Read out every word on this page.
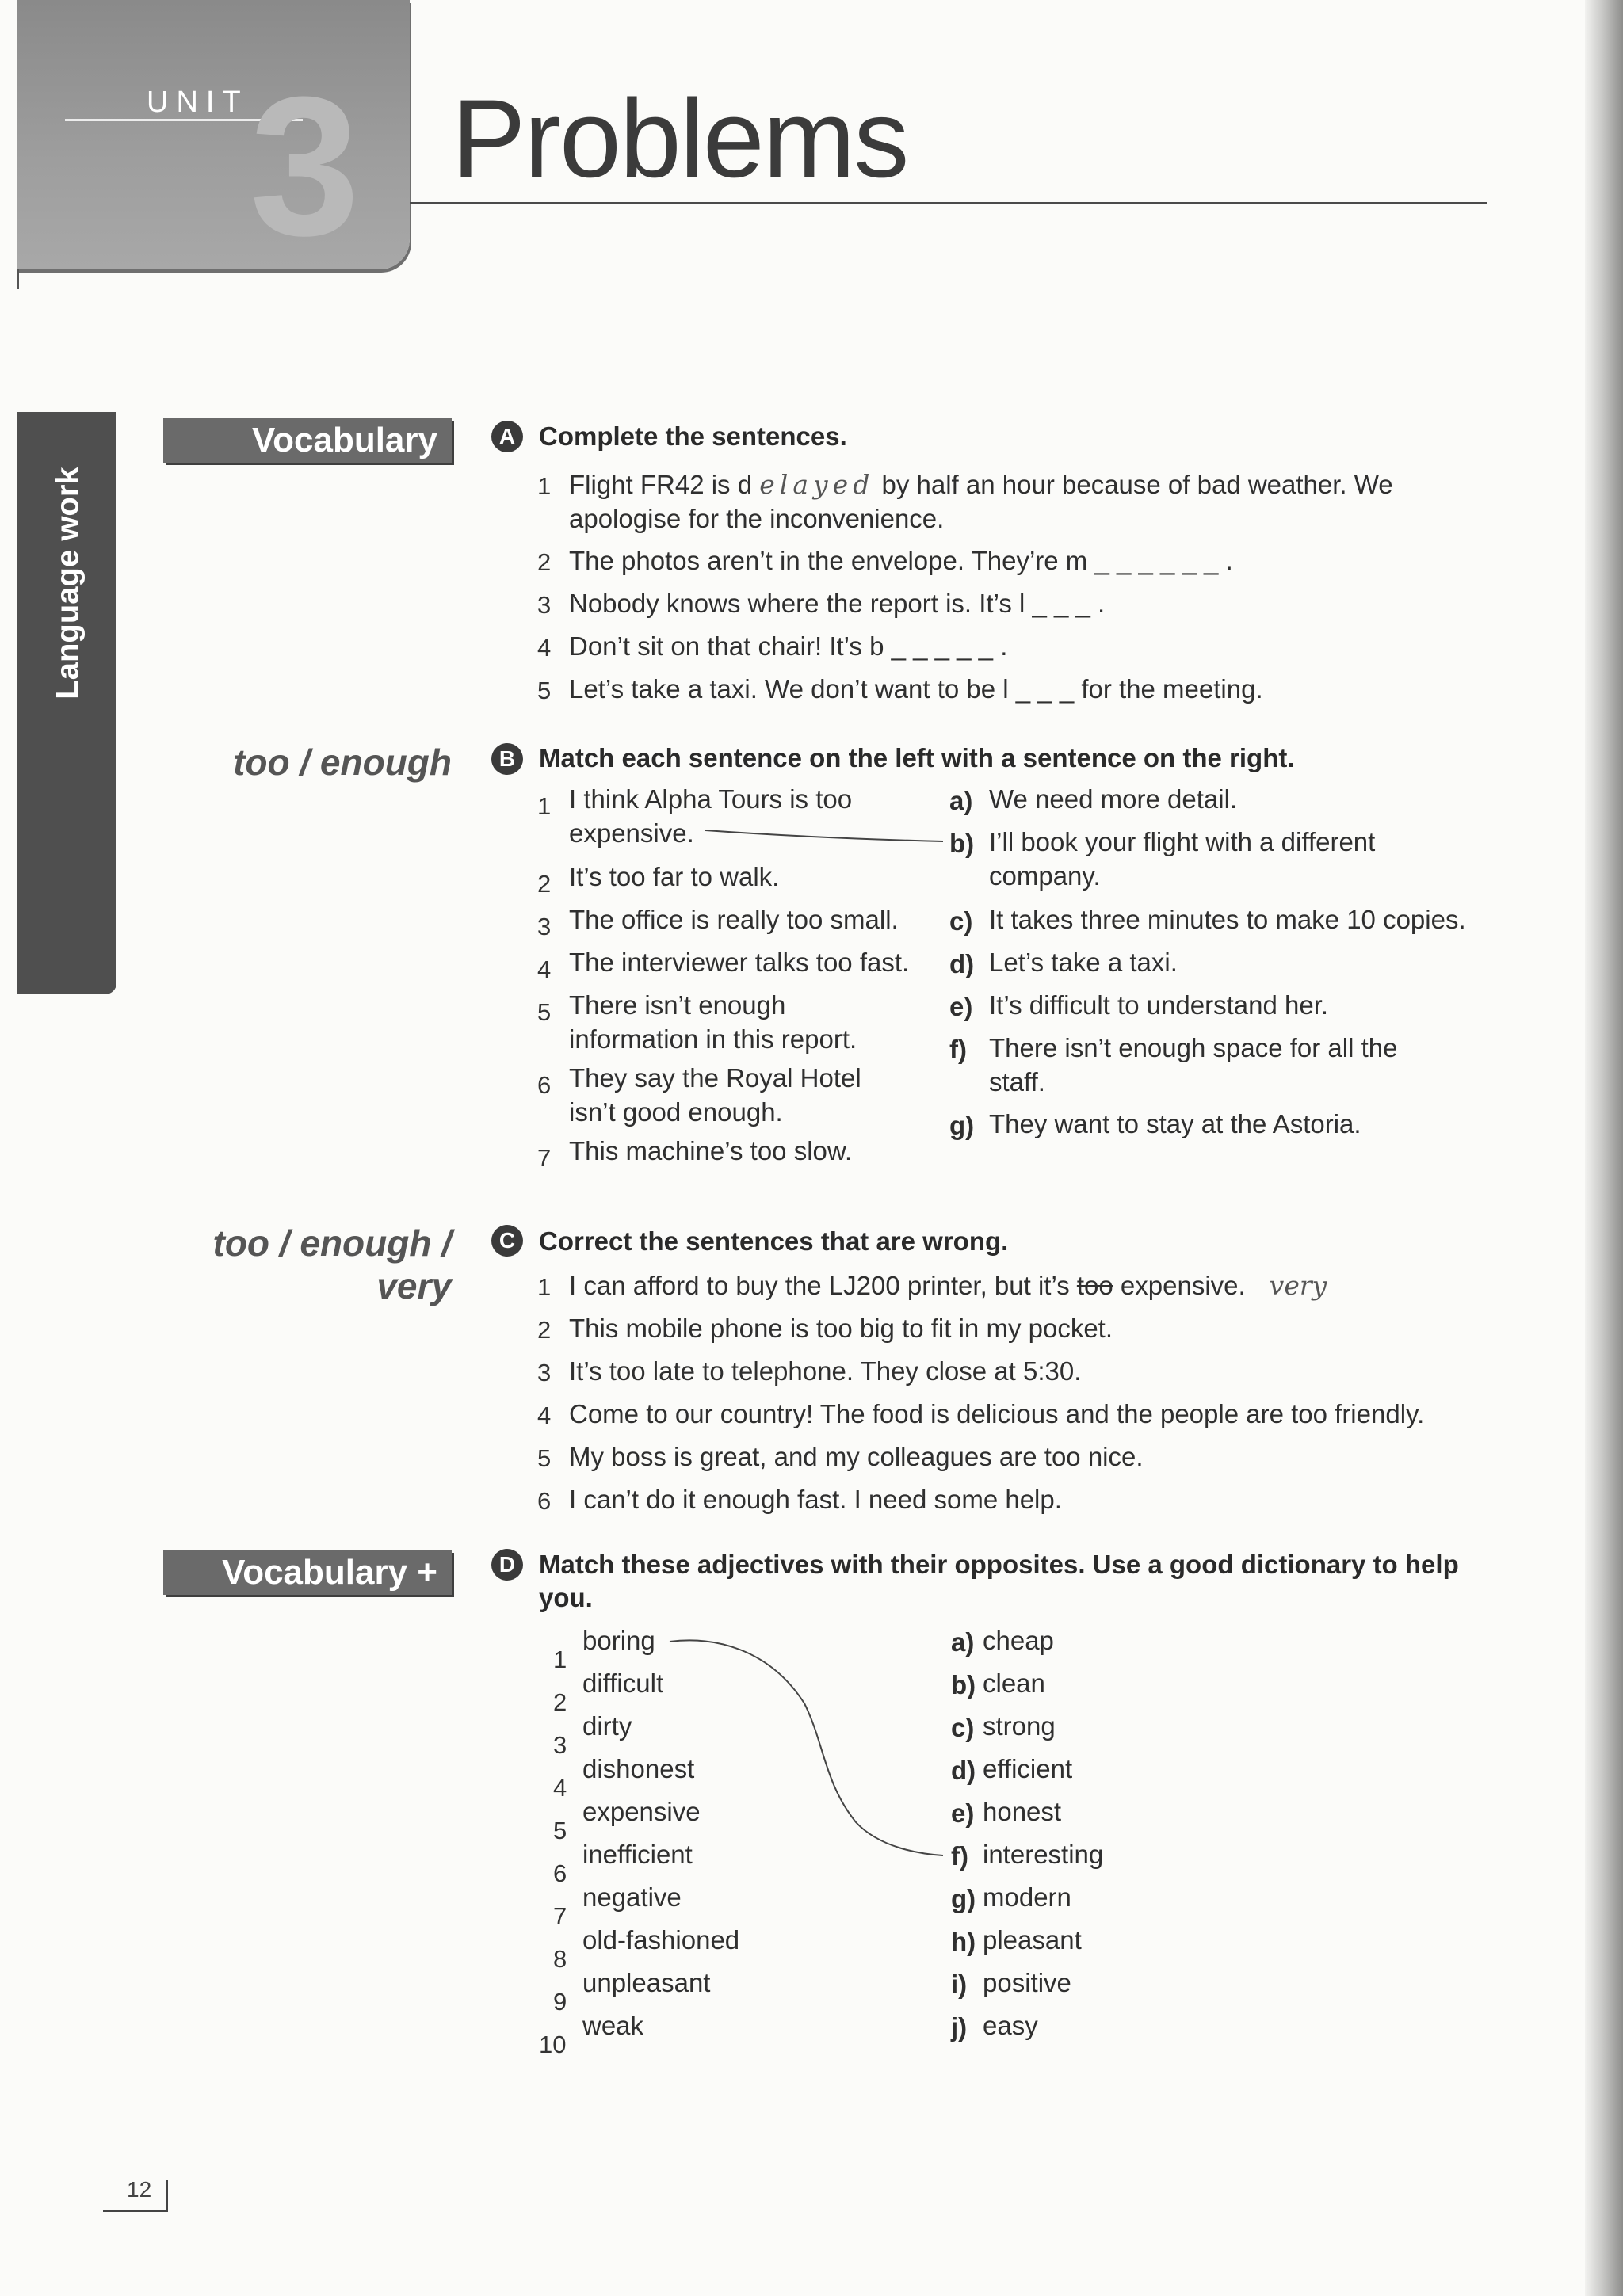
UNIT 3 Problems
Language work
Vocabulary	A Complete the sentences.
1 Flight FR42 is d elayed by half an hour because of bad weather. We
apologise for the inconvenience.
2 The photos aren’t in the envelope. They’re m _ _ _ _ _ _ .
3 Nobody knows where the report is. It’s l _ _ _ .
4 Don’t sit on that chair! It’s b _ _ _ _ _ .
5 Let’s take a taxi. We don’t want to be l _ _ _ for the meeting.
too / enough	B Match each sentence on the left with a sentence on the right.
1 I think Alpha Tours is too
expensive.
2 It’s too far to walk.
3 The office is really too small.
4 The interviewer talks too fast.
5 There isn’t enough
information in this report.
6 They say the Royal Hotel
isn’t good enough.
7 This machine’s too slow.
a) We need more detail.
b) I’ll book your flight with a different
company.
c) It takes three minutes to make 10 copies.
d) Let’s take a taxi.
e) It’s difficult to understand her.
f) There isn’t enough space for all the
staff.
g) They want to stay at the Astoria.
too / enough /
very
C Correct the sentences that are wrong.
1 I can afford to buy the LJ200 printer, but it’s too expensive. very
2 This mobile phone is too big to fit in my pocket.
3 It’s too late to telephone. They close at 5:30.
4 Come to our country! The food is delicious and the people are too friendly.
5 My boss is great, and my colleagues are too nice.
6 I can’t do it enough fast. I need some help.
Vocabulary +	D Match these adjectives with their opposites. Use a good dictionary to help
you.
1
boring
2
difficult
3
dirty
4
dishonest
5
expensive
6
inefficient
7
negative
8
old-fashioned
9
unpleasant
10
weak
a) cheap
b) clean
c) strong
d) efficient
e) honest
f) interesting
g) modern
h) pleasant
i) positive
j) easy
12
